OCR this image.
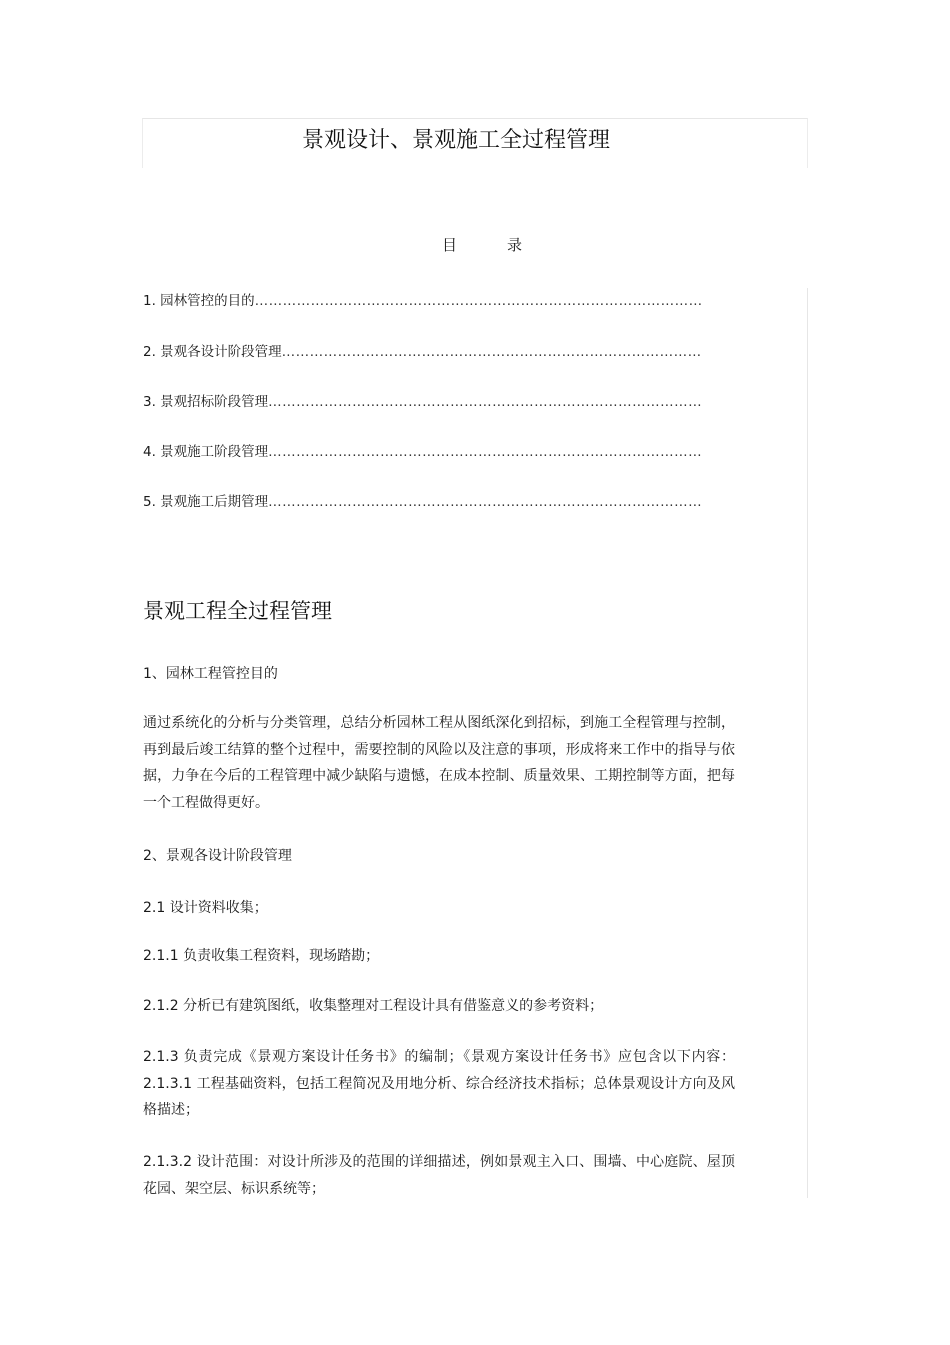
景观设计、景观施工全过程管理
目	录
1. 园林管控的目的……………………………………………………………………………………
2. 景观各设计阶段管理………………………………………………………………………………
3. 景观招标阶段管理…………………………………………………………………………………
4. 景观施工阶段管理…………………………………………………………………………………
5. 景观施工后期管理…………………………………………………………………………………
景观工程全过程管理
1、园林工程管控目的
通过系统化的分析与分类管理，总结分析园林工程从图纸深化到招标，到施工全程管理与控制，再到最后竣工结算的整个过程中，需要控制的风险以及注意的事项，形成将来工作中的指导与依据，力争在今后的工程管理中减少缺陷与遗憾，在成本控制、质量效果、工期控制等方面，把每一个工程做得更好。
2、景观各设计阶段管理
2.1 设计资料收集；
2.1.1 负责收集工程资料，现场踏勘；
2.1.2 分析已有建筑图纸，收集整理对工程设计具有借鉴意义的参考资料；
2.1.3 负责完成《景观方案设计任务书》的编制；《景观方案设计任务书》应包含以下内容： 2.1.3.1 工程基础资料，包括工程简况及用地分析、综合经济技术指标；总体景观设计方向及风格描述；
2.1.3.2 设计范围：对设计所涉及的范围的详细描述，例如景观主入口、围墙、中心庭院、屋顶花园、架空层、标识系统等；
